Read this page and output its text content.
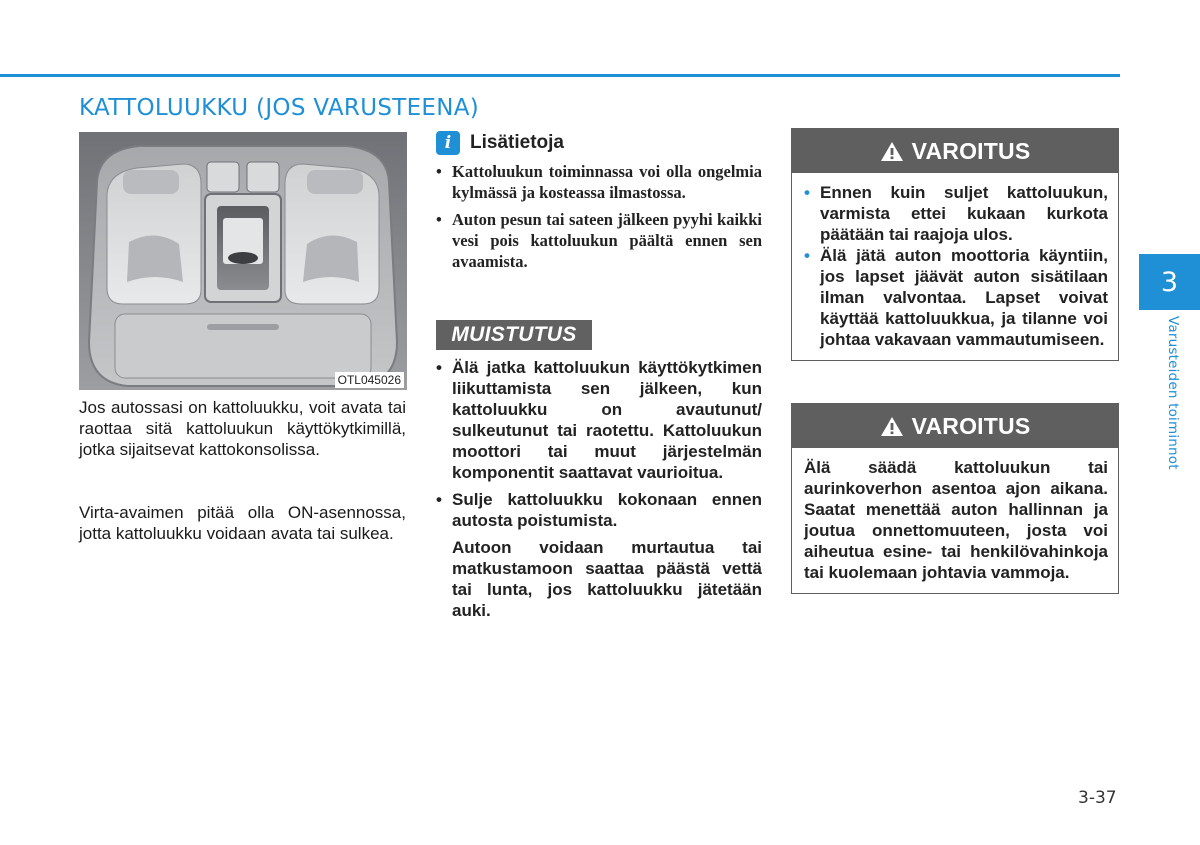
KATTOLUUKKU (JOS VARUSTEENA)
OTL045026

Jos autossasi on kattoluukku, voit avata tai raottaa sitä kattoluukun käyttökytkimillä, jotka sijaitsevat kattokonsolissa.

Virta-avaimen pitää olla ON-asennossa, jotta kattoluukku voidaan avata tai sulkea.

i Lisätietoja
• Kattoluukun toiminnassa voi olla ongelmia kylmässä ja kosteassa ilmastossa.
• Auton pesun tai sateen jälkeen pyyhi kaikki vesi pois kattoluukun päältä ennen sen avaamista.
MUISTUTUS
• Älä jatka kattoluukun käyttökytkimen liikuttamista sen jälkeen, kun kattoluukku on avautunut/ sulkeutunut tai raotettu. Kattoluukun moottori tai muut järjestelmän komponentit saattavat vaurioitua.
• Sulje kattoluukku kokonaan ennen autosta poistumista.
Autoon voidaan murtautua tai matkustamoon saattaa päästä vettä tai lunta, jos kattoluukku jätetään auki.
VAROITUS
• Ennen kuin suljet kattoluukun, varmista ettei kukaan kurkota päätään tai raajoja ulos.
• Älä jätä auton moottoria käyntiin, jos lapset jäävät auton sisätilaan ilman valvontaa. Lapset voivat käyttää kattoluukkua, ja tilanne voi johtaa vakavaan vammautumiseen.
VAROITUS
Älä säädä kattoluukun tai aurinkoverhon asentoa ajon aikana. Saatat menettää auton hallinnan ja joutua onnettomuuteen, josta voi aiheutua esine- tai henkilövahinkoja tai kuolemaan johtavia vammoja.
3
Varusteiden toiminnot
3-37
